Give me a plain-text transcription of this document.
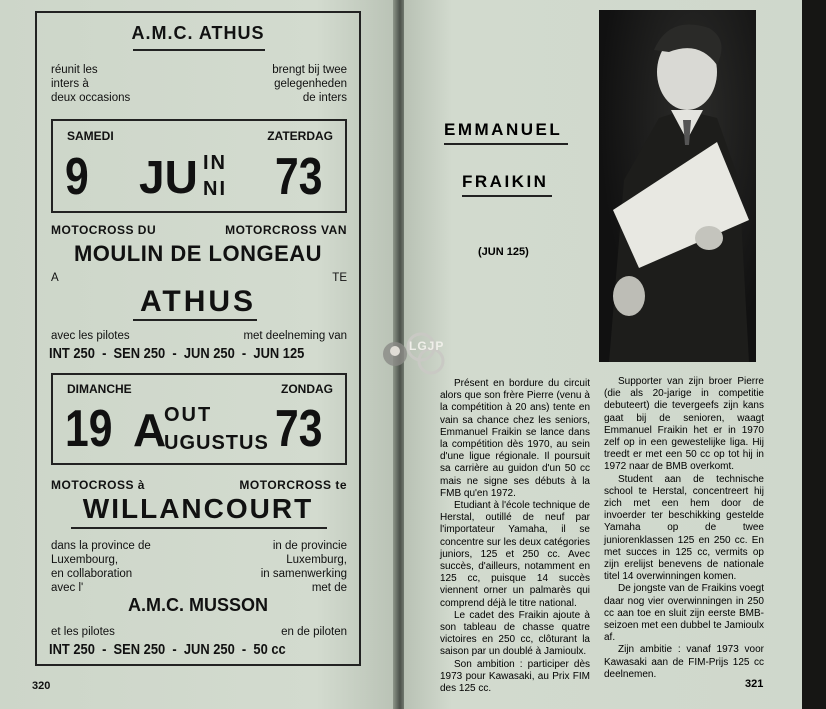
A.M.C. ATHUS
réunit les
inters à
deux occasions
brengt bij twee
gelegenheden
de inters
SAMEDI	ZATERDAG
9 JU IN
NI 73
MOTOCROSS DU	MOTORCROSS VAN
MOULIN DE LONGEAU
A	TE
ATHUS
avec les pilotes	met deelneming van
INT 250 - SEN 250 - JUN 250 - JUN 125
DIMANCHE	ZONDAG
19 A
OUT
UGUSTUS 73
MOTOCROSS à	MOTORCROSS te
WILLANCOURT
dans la province de
Luxembourg,
en collaboration
avec l'
in de provincie
Luxemburg,
in samenwerking
met de
A.M.C. MUSSON
et les pilotes	en de piloten
INT 250 - SEN 250 - JUN 250 - 50 cc
320
EMMANUEL
FRAIKIN
(JUN 125)

Présent en bordure du circuit alors que son frère Pierre (venu à la compétition à 20 ans) tente en vain sa chance chez les seniors, Emmanuel Fraikin se lance dans la compétition dès 1970, au sein d'une ligue régionale. Il poursuit sa carrière au guidon d'un 50 cc mais ne signe ses débuts à la FMB qu'en 1972.

Etudiant à l'école technique de Herstal, outillé de neuf par l'importateur Yamaha, il se concentre sur les deux catégories juniors, 125 et 250 cc. Avec succès, d'ailleurs, notamment en 125 cc, puisque 14 succès viennent orner un palmarès qui comprend déjà le titre national.

Le cadet des Fraikin ajoute à son tableau de chasse quatre victoires en 250 cc, clôturant la saison par un doublé à Jamioulx.

Son ambition : participer dès 1973 pour Kawasaki, au Prix FIM des 125 cc.

Supporter van zijn broer Pierre (die als 20-jarige in competitie debuteert) die tevergeefs zijn kans gaat bij de senioren, waagt Emmanuel Fraikin het er in 1970 zelf op in een gewestelijke liga. Hij treedt er met een 50 cc op tot hij in 1972 naar de BMB overkomt.

Student aan de technische school te Herstal, concentreert hij zich met een hem door de invoerder ter beschikking gestelde Yamaha op de twee juniorenklassen 125 en 250 cc. En met succes in 125 cc, vermits op zijn erelijst benevens de nationale titel 14 overwinningen komen.

De jongste van de Fraikins voegt daar nog vier overwinningen in 250 cc aan toe en sluit zijn eerste BMB-seizoen met een dubbel te Jamioulx af.

Zijn ambitie : vanaf 1973 voor Kawasaki aan de FIM-Prijs 125 cc deelnemen.

321
LGJP
